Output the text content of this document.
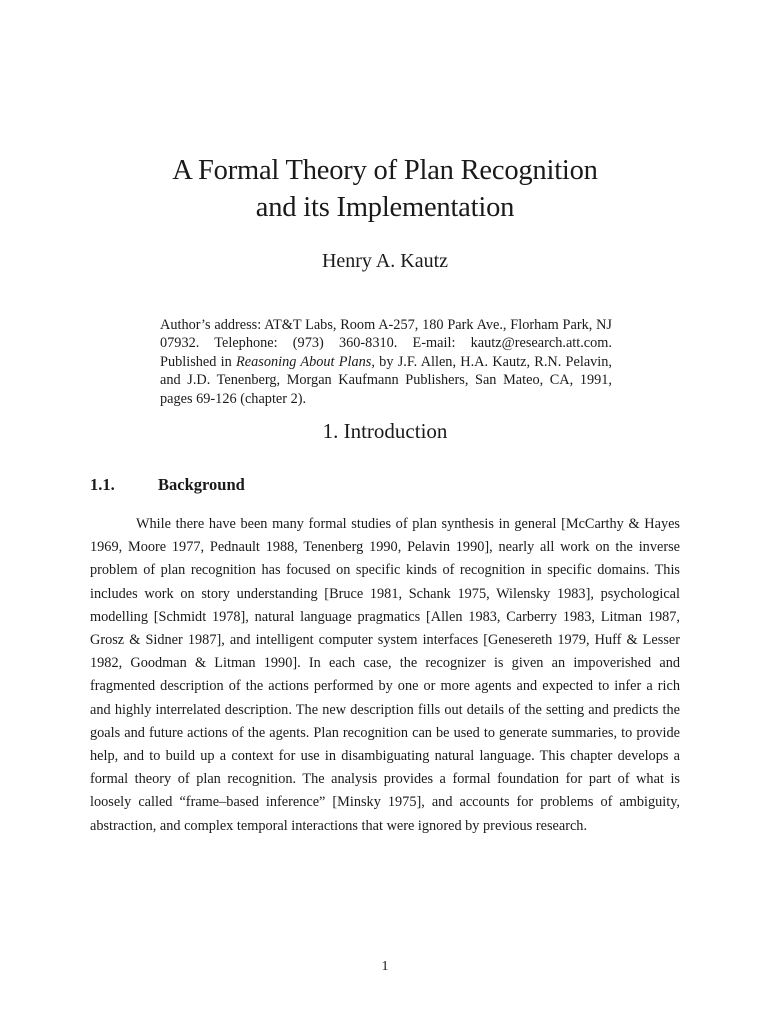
A Formal Theory of Plan Recognition
and its Implementation
Henry A. Kautz
Author’s address: AT&T Labs, Room A-257, 180 Park Ave., Florham Park, NJ 07932. Telephone: (973) 360-8310. E-mail: kautz@research.att.com. Published in Reasoning About Plans, by J.F. Allen, H.A. Kautz, R.N. Pelavin, and J.D. Tenenberg, Morgan Kaufmann Publishers, San Mateo, CA, 1991, pages 69-126 (chapter 2).
1. Introduction
1.1.	Background
While there have been many formal studies of plan synthesis in general [McCarthy & Hayes 1969, Moore 1977, Pednault 1988, Tenenberg 1990, Pelavin 1990], nearly all work on the inverse problem of plan recognition has focused on specific kinds of recognition in specific domains. This includes work on story understanding [Bruce 1981, Schank 1975, Wilensky 1983], psychological modelling [Schmidt 1978], natural language pragmatics [Allen 1983, Carberry 1983, Litman 1987, Grosz & Sidner 1987], and intelligent computer system interfaces [Genesereth 1979, Huff & Lesser 1982, Goodman & Litman 1990]. In each case, the recognizer is given an impoverished and fragmented description of the actions performed by one or more agents and expected to infer a rich and highly interrelated description. The new description fills out details of the setting and predicts the goals and future actions of the agents. Plan recognition can be used to generate summaries, to provide help, and to build up a context for use in disambiguating natural language. This chapter develops a formal theory of plan recognition. The analysis provides a formal foundation for part of what is loosely called “frame–based inference” [Minsky 1975], and accounts for problems of ambiguity, abstraction, and complex temporal interactions that were ignored by previous research.
1
